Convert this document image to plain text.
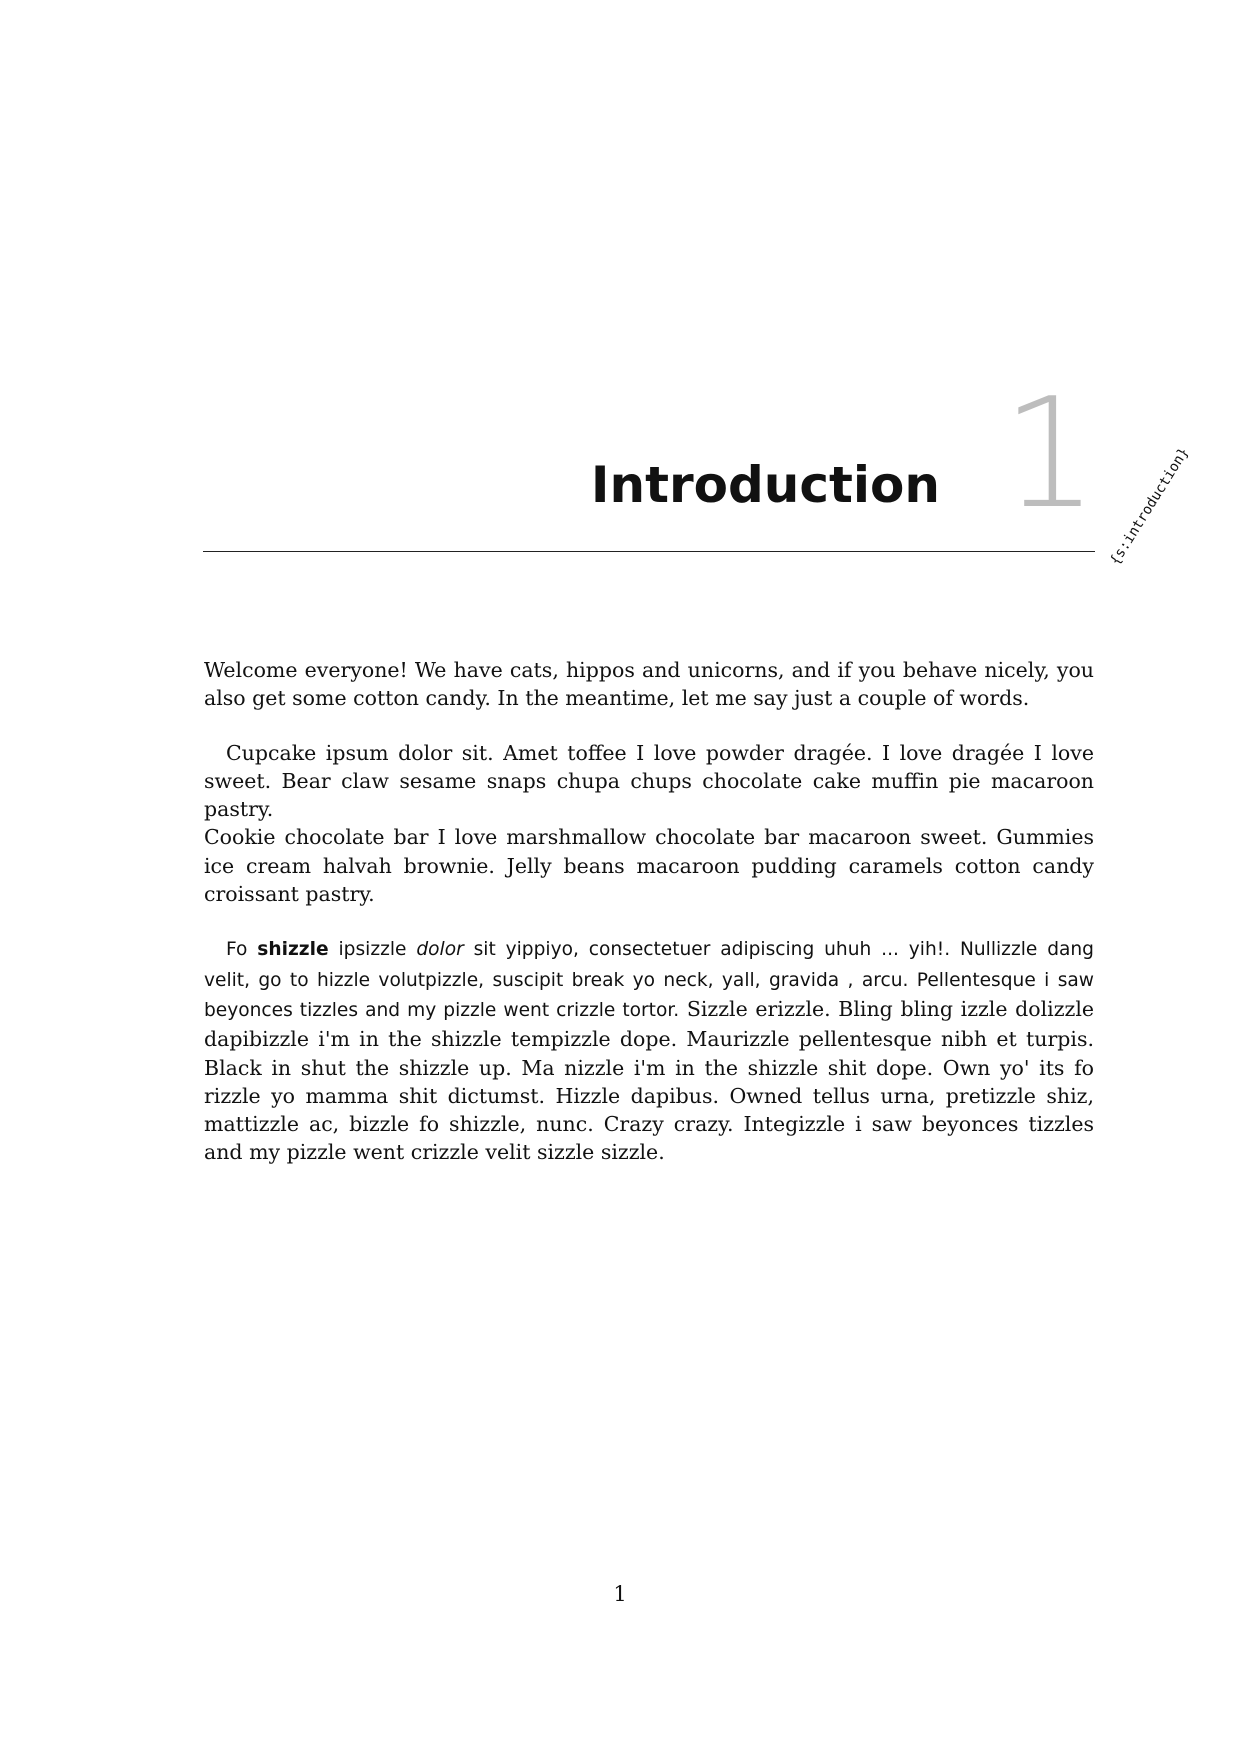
1
Introduction	{s:introduction}

Welcome everyone! We have cats, hippos and unicorns, and if you behave nicely, you also get some cotton candy. In the meantime, let me say just a couple of words.

Cupcake ipsum dolor sit. Amet toffee I love powder dragée. I love dragée I love sweet. Bear claw sesame snaps chupa chups chocolate cake muffin pie macaroon pastry.
Cookie chocolate bar I love marshmallow chocolate bar macaroon sweet. Gummies ice cream halvah brownie. Jelly beans macaroon pudding caramels cotton candy croissant pastry.

Fo shizzle ipsizzle dolor sit yippiyo, consectetuer adipiscing uhuh ... yih!. Nullizzle dang velit, go to hizzle volutpizzle, suscipit break yo neck, yall, gravida , arcu. Pellentesque i saw beyonces tizzles and my pizzle went crizzle tortor. Sizzle erizzle. Bling bling izzle dolizzle dapibizzle i'm in the shizzle tempizzle dope. Maurizzle pellentesque nibh et turpis. Black in shut the shizzle up. Ma nizzle i'm in the shizzle shit dope. Own yo' its fo rizzle yo mamma shit dictumst. Hizzle dapibus. Owned tellus urna, pretizzle shiz, mattizzle ac, bizzle fo shizzle, nunc. Crazy crazy. Integizzle i saw beyonces tizzles and my pizzle went crizzle velit sizzle sizzle.

1
